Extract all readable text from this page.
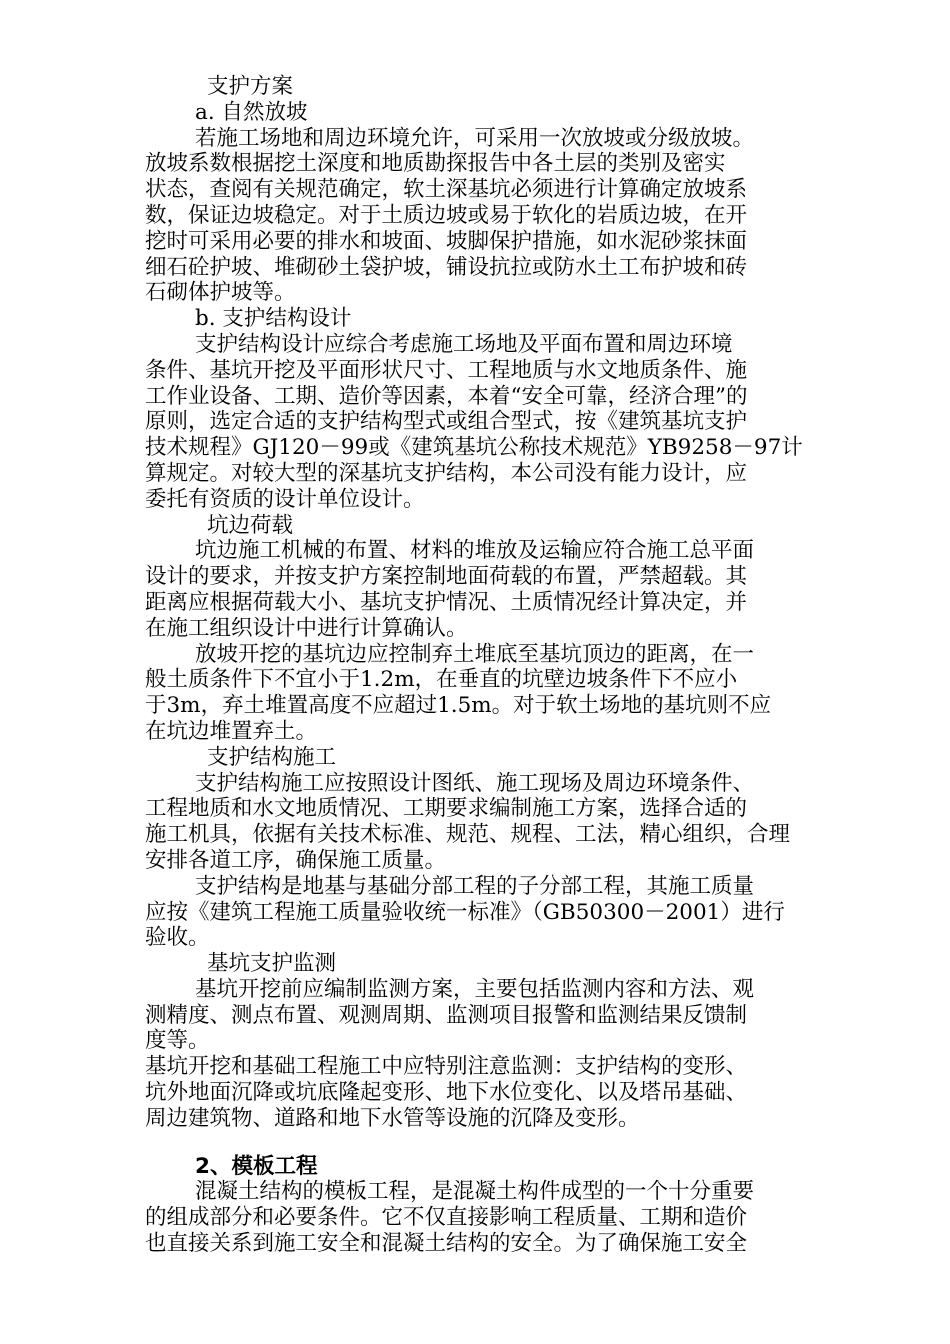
支护方案
a. 自然放坡
若施工场地和周边环境允许，可采用一次放坡或分级放坡。
放坡系数根据挖土深度和地质勘探报告中各土层的类别及密实
状态，查阅有关规范确定，软土深基坑必须进行计算确定放坡系
数，保证边坡稳定。对于土质边坡或易于软化的岩质边坡，在开
挖时可采用必要的排水和坡面、坡脚保护措施，如水泥砂浆抹面
细石砼护坡、堆砌砂土袋护坡，铺设抗拉或防水土工布护坡和砖
石砌体护坡等。
b. 支护结构设计
支护结构设计应综合考虑施工场地及平面布置和周边环境
条件、基坑开挖及平面形状尺寸、工程地质与水文地质条件、施
工作业设备、工期、造价等因素，本着“安全可靠，经济合理”的
原则，选定合适的支护结构型式或组合型式，按《建筑基坑支护
技术规程》GJ120－99或《建筑基坑公称技术规范》YB9258－97计
算规定。对较大型的深基坑支护结构，本公司没有能力设计，应
委托有资质的设计单位设计。
坑边荷载
坑边施工机械的布置、材料的堆放及运输应符合施工总平面
设计的要求，并按支护方案控制地面荷载的布置，严禁超载。其
距离应根据荷载大小、基坑支护情况、土质情况经计算决定，并
在施工组织设计中进行计算确认。
放坡开挖的基坑边应控制弃土堆底至基坑顶边的距离，在一
般土质条件下不宜小于1.2m，在垂直的坑壁边坡条件下不应小
于3m，弃土堆置高度不应超过1.5m。对于软土场地的基坑则不应
在坑边堆置弃土。
支护结构施工
支护结构施工应按照设计图纸、施工现场及周边环境条件、
工程地质和水文地质情况、工期要求编制施工方案，选择合适的
施工机具，依据有关技术标准、规范、规程、工法，精心组织，合理
安排各道工序，确保施工质量。
支护结构是地基与基础分部工程的子分部工程，其施工质量
应按《建筑工程施工质量验收统一标准》（GB50300－2001）进行
验收。
基坑支护监测
基坑开挖前应编制监测方案，主要包括监测内容和方法、观
测精度、测点布置、观测周期、监测项目报警和监测结果反馈制
度等。
基坑开挖和基础工程施工中应特别注意监测：支护结构的变形、
坑外地面沉降或坑底隆起变形、地下水位变化、以及塔吊基础、
周边建筑物、道路和地下水管等设施的沉降及变形。
2、模板工程
混凝土结构的模板工程，是混凝土构件成型的一个十分重要
的组成部分和必要条件。它不仅直接影响工程质量、工期和造价
也直接关系到施工安全和混凝土结构的安全。为了确保施工安全
